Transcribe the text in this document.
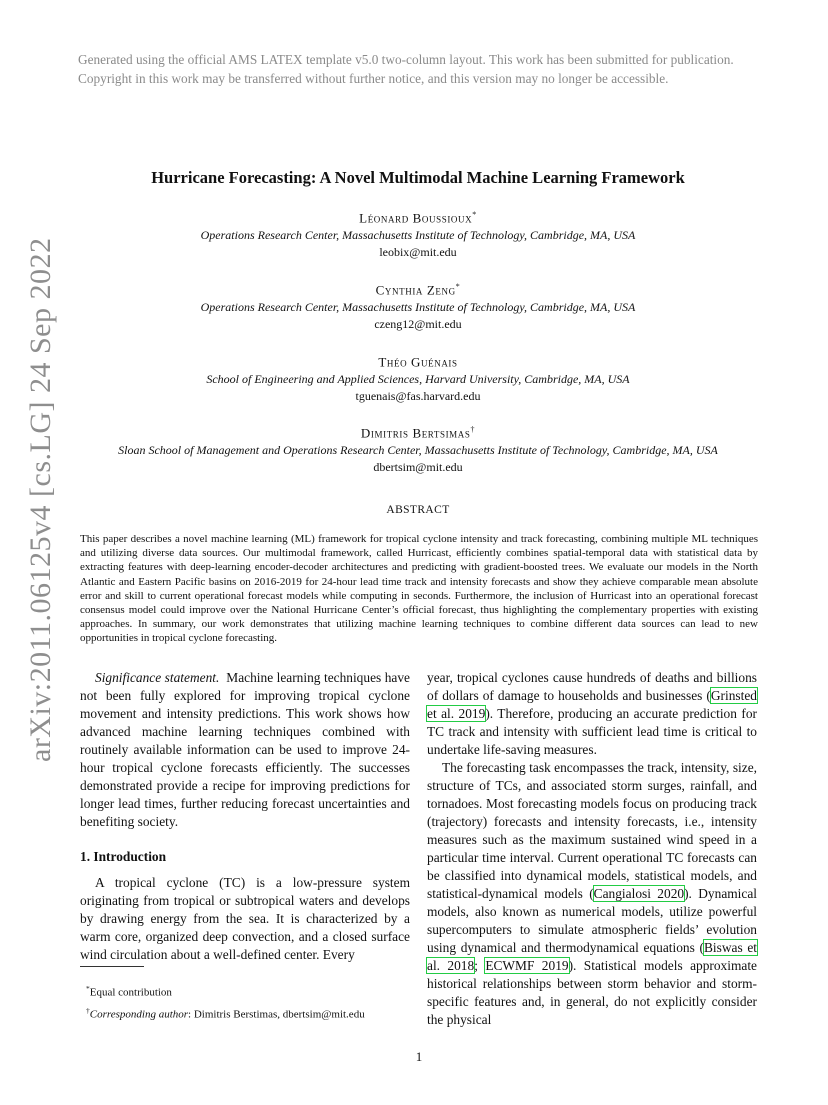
Generated using the official AMS LATEX template v5.0 two-column layout. This work has been submitted for publication. Copyright in this work may be transferred without further notice, and this version may no longer be accessible.
arXiv:2011.06125v4 [cs.LG] 24 Sep 2022
Hurricane Forecasting: A Novel Multimodal Machine Learning Framework
Léonard Boussioux*
Operations Research Center, Massachusetts Institute of Technology, Cambridge, MA, USA
leobix@mit.edu
Cynthia Zeng*
Operations Research Center, Massachusetts Institute of Technology, Cambridge, MA, USA
czeng12@mit.edu
Théo Guénais
School of Engineering and Applied Sciences, Harvard University, Cambridge, MA, USA
tguenais@fas.harvard.edu
Dimitris Bertsimas†
Sloan School of Management and Operations Research Center, Massachusetts Institute of Technology, Cambridge, MA, USA
dbertsim@mit.edu
ABSTRACT
This paper describes a novel machine learning (ML) framework for tropical cyclone intensity and track forecasting, combining multiple ML techniques and utilizing diverse data sources. Our multimodal framework, called Hurricast, efficiently combines spatial-temporal data with statistical data by extracting features with deep-learning encoder-decoder architectures and predicting with gradient-boosted trees. We evaluate our models in the North Atlantic and Eastern Pacific basins on 2016-2019 for 24-hour lead time track and intensity forecasts and show they achieve comparable mean absolute error and skill to current operational forecast models while computing in seconds. Furthermore, the inclusion of Hurricast into an operational forecast consensus model could improve over the National Hurricane Center’s official forecast, thus highlighting the complementary properties with existing approaches. In summary, our work demonstrates that utilizing machine learning techniques to combine different data sources can lead to new opportunities in tropical cyclone forecasting.

Significance statement. Machine learning techniques have not been fully explored for improving tropical cyclone movement and intensity predictions. This work shows how advanced machine learning techniques combined with routinely available information can be used to improve 24-hour tropical cyclone forecasts efficiently. The successes demonstrated provide a recipe for improving predictions for longer lead times, further reducing forecast uncertainties and benefiting society.

1. Introduction

A tropical cyclone (TC) is a low-pressure system originating from tropical or subtropical waters and develops by drawing energy from the sea. It is characterized by a warm core, organized deep convection, and a closed surface wind circulation about a well-defined center. Every

year, tropical cyclones cause hundreds of deaths and billions of dollars of damage to households and businesses (Grinsted et al. 2019). Therefore, producing an accurate prediction for TC track and intensity with sufficient lead time is critical to undertake life-saving measures.

The forecasting task encompasses the track, intensity, size, structure of TCs, and associated storm surges, rainfall, and tornadoes. Most forecasting models focus on producing track (trajectory) forecasts and intensity forecasts, i.e., intensity measures such as the maximum sustained wind speed in a particular time interval. Current operational TC forecasts can be classified into dynamical models, statistical models, and statistical-dynamical models (Cangialosi 2020). Dynamical models, also known as numerical models, utilize powerful supercomputers to simulate atmospheric fields’ evolution using dynamical and thermodynamical equations (Biswas et al. 2018; ECWMF 2019). Statistical models approximate historical relationships between storm behavior and storm-specific features and, in general, do not explicitly consider the physical

*Equal contribution
†Corresponding author: Dimitris Berstimas, dbertsim@mit.edu
1
